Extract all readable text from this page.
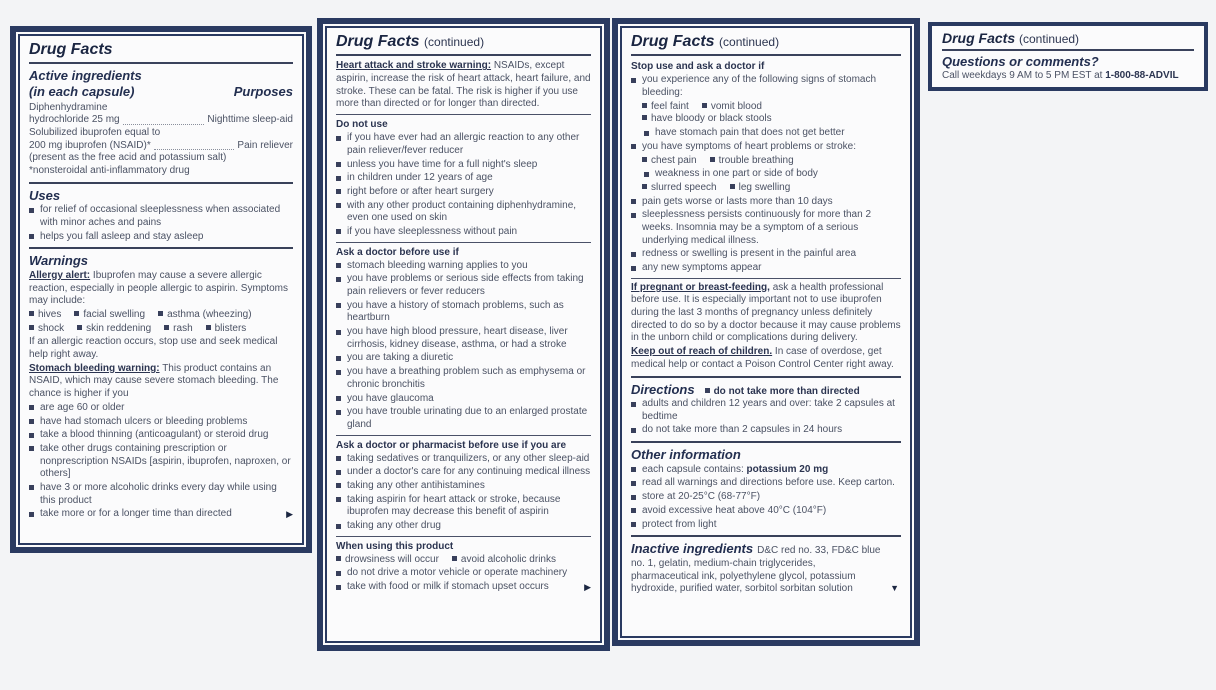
Drug Facts
Active ingredients
(in each capsule)	Purposes
Diphenhydramine
hydrochloride 25 mg	Nighttime sleep-aid
Solubilized ibuprofen equal to
200 mg ibuprofen (NSAID)*	Pain reliever
(present as the free acid and potassium salt)
*nonsteroidal anti-inflammatory drug
Uses
for relief of occasional sleeplessness when associated with minor aches and pains
helps you fall asleep and stay asleep
Warnings
Allergy alert: Ibuprofen may cause a severe allergic reaction, especially in people allergic to aspirin. Symptoms may include:
hives facial swelling asthma (wheezing)
shock skin reddening rash blisters
If an allergic reaction occurs, stop use and seek medical help right away.
Stomach bleeding warning: This product contains an NSAID, which may cause severe stomach bleeding. The chance is higher if you
are age 60 or older
have had stomach ulcers or bleeding problems
take a blood thinning (anticoagulant) or steroid drug
take other drugs containing prescription or nonprescription NSAIDs [aspirin, ibuprofen, naproxen, or others]
have 3 or more alcoholic drinks every day while using this product
▶
take more or for a longer time than directed
Drug Facts (continued)
Heart attack and stroke warning: NSAIDs, except aspirin, increase the risk of heart attack, heart failure, and stroke. These can be fatal. The risk is higher if you use more than directed or for longer than directed.
Do not use
if you have ever had an allergic reaction to any other pain reliever/fever reducer
unless you have time for a full night's sleep
in children under 12 years of age
right before or after heart surgery
with any other product containing diphenhydramine, even one used on skin
if you have sleeplessness without pain
Ask a doctor before use if
stomach bleeding warning applies to you
you have problems or serious side effects from taking pain relievers or fever reducers
you have a history of stomach problems, such as heartburn
you have high blood pressure, heart disease, liver cirrhosis, kidney disease, asthma, or had a stroke
you are taking a diuretic
you have a breathing problem such as emphysema or chronic bronchitis
you have glaucoma
you have trouble urinating due to an enlarged prostate gland
Ask a doctor or pharmacist before use if you are
taking sedatives or tranquilizers, or any other sleep-aid
under a doctor's care for any continuing medical illness
taking any other antihistamines
taking aspirin for heart attack or stroke, because ibuprofen may decrease this benefit of aspirin
taking any other drug
When using this product
drowsiness will occur avoid alcoholic drinks
do not drive a motor vehicle or operate machinery
▶
take with food or milk if stomach upset occurs
Drug Facts (continued)
Stop use and ask a doctor if
you experience any of the following signs of stomach bleeding:
feel faint vomit bloodhave bloody or black stools
have stomach pain that does not get better
you have symptoms of heart problems or stroke:
chest pain trouble breathing
weakness in one part or side of body
slurred speech leg swelling
pain gets worse or lasts more than 10 days
sleeplessness persists continuously for more than 2 weeks. Insomnia may be a symptom of a serious underlying medical illness.
redness or swelling is present in the painful area
any new symptoms appear
If pregnant or breast-feeding, ask a health professional before use. It is especially important not to use ibuprofen during the last 3 months of pregnancy unless definitely directed to do so by a doctor because it may cause problems in the unborn child or complications during delivery.
Keep out of reach of children. In case of overdose, get medical help or contact a Poison Control Center right away.
Directions	do not take more than directed
adults and children 12 years and over: take 2 capsules at bedtime
do not take more than 2 capsules in 24 hours
Other information
each capsule contains: potassium 20 mg
read all warnings and directions before use. Keep carton.
store at 20-25°C (68-77°F)
avoid excessive heat above 40°C (104°F)
protect from light
Inactive ingredients D&C red no. 33, FD&C blue no. 1, gelatin, medium-chain triglycerides, pharmaceutical ink, polyethylene glycol, potassium hydroxide, purified water, sorbitol sorbitan solution	▼
Drug Facts (continued)
Questions or comments?
Call weekdays 9 AM to 5 PM EST at 1-800-88-ADVIL
